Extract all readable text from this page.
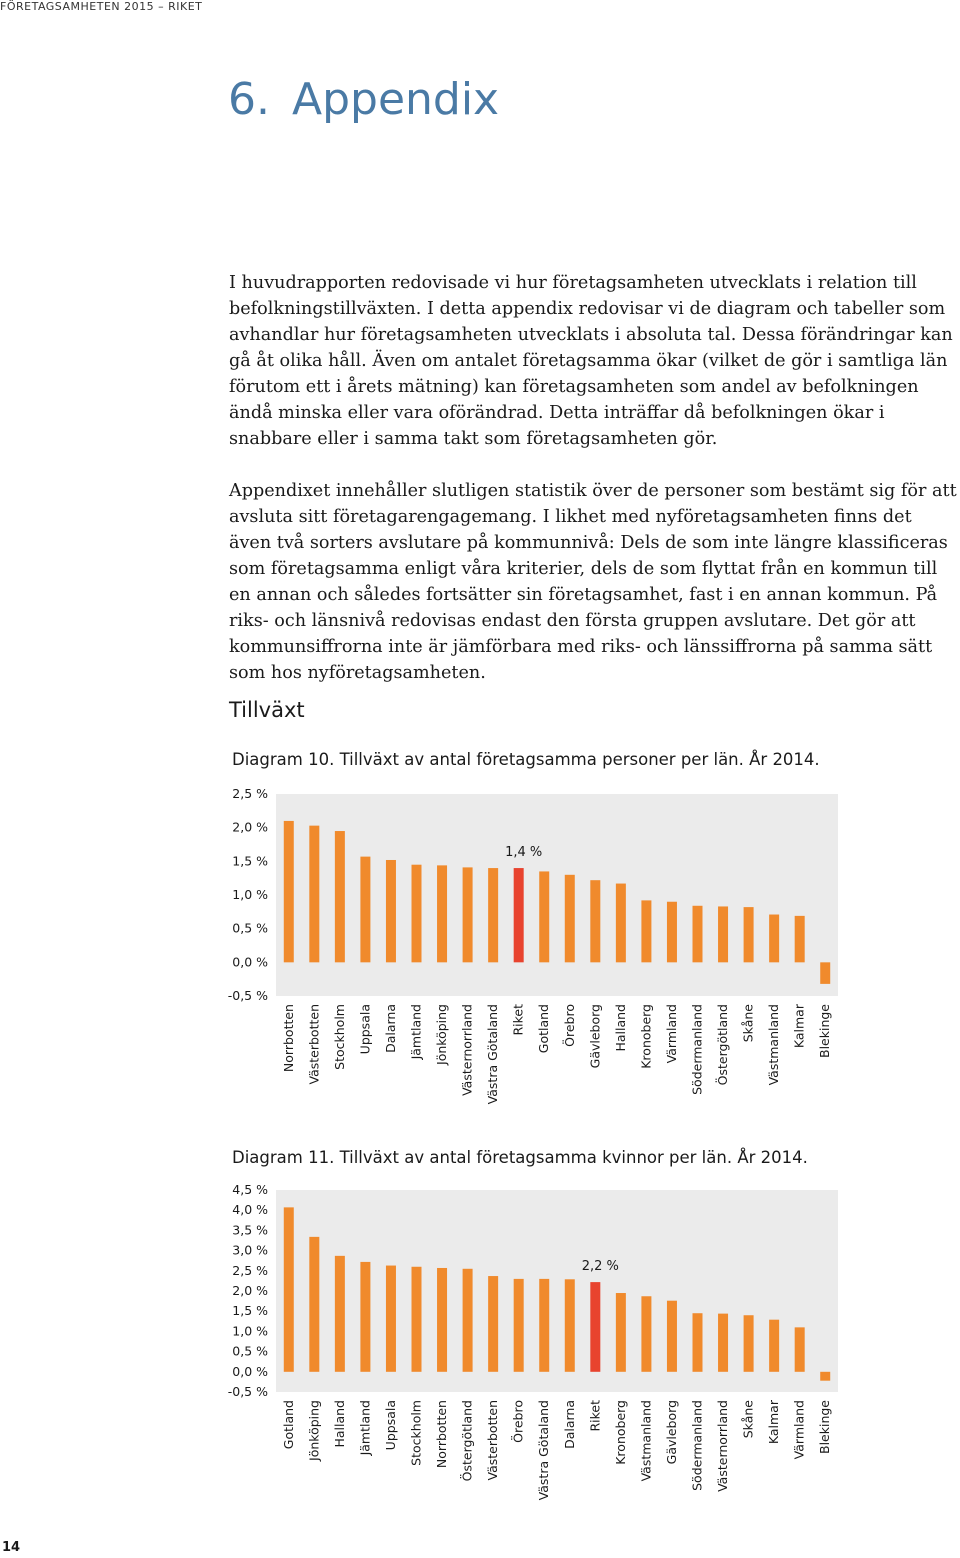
FÖRETAGSAMHETEN 2015 – RIKET
6. Appendix

I huvudrapporten redovisade vi hur företagsamheten utvecklats i relation till befolkningstillväxten. I detta appendix redovisar vi de diagram och tabeller som avhandlar hur företagsamheten utvecklats i absoluta tal. Dessa förändringar kan gå åt olika håll. Även om antalet företagsamma ökar (vilket de gör i samtliga län förutom ett i årets mätning) kan företagsamheten som andel av befolkningen ändå minska eller vara oförändrad. Detta inträffar då befolkningen ökar i snabbare eller i samma takt som företagsamheten gör.

Appendixet innehåller slutligen statistik över de personer som bestämt sig för att avsluta sitt företagarengagemang. I likhet med nyföretagsamheten finns det även två sorters avslutare på kommunnivå: Dels de som inte längre klassificeras som företagsamma enligt våra kriterier, dels de som flyttat från en kommun till en annan och således fortsätter sin företagsamhet, fast i en annan kommun. På riks- och länsnivå redovisas endast den första gruppen avslutare. Det gör att kommunsiffrorna inte är jämförbara med riks- och länssiffrorna på samma sätt som hos nyföretagsamheten.

Tillväxt
Diagram 10. Tillväxt av antal företagsamma personer per län. År 2014.
2,5 %
2,0 %
1,5 %
1,0 %
0,5 %
0,0 %
-0,5 %
Norrbotten Västerbotten Stockholm Uppsala Dalarna Jämtland Jönköping Västernorrland Västra Götaland
1,4 %
Riket Gotland Örebro Gävleborg Halland Kronoberg Värmland Södermanland Östergötland Skåne Västmanland Kalmar Blekinge
Diagram 11. Tillväxt av antal företagsamma kvinnor per län. År 2014.
4,5 %
4,0 %
3,5 %
3,0 %
2,5 %
2,0 %
1,5 %
1,0 %
0,5 %
0,0 %
-0,5 %
Gotland Jönköping Halland Jämtland Uppsala Stockholm Norrbotten Östergötland Västerbotten Örebro Västra Götaland Dalarna
2,2 %
Riket Kronoberg Västmanland Gävleborg Södermanland Västernorrland Skåne Kalmar Värmland Blekinge
14
